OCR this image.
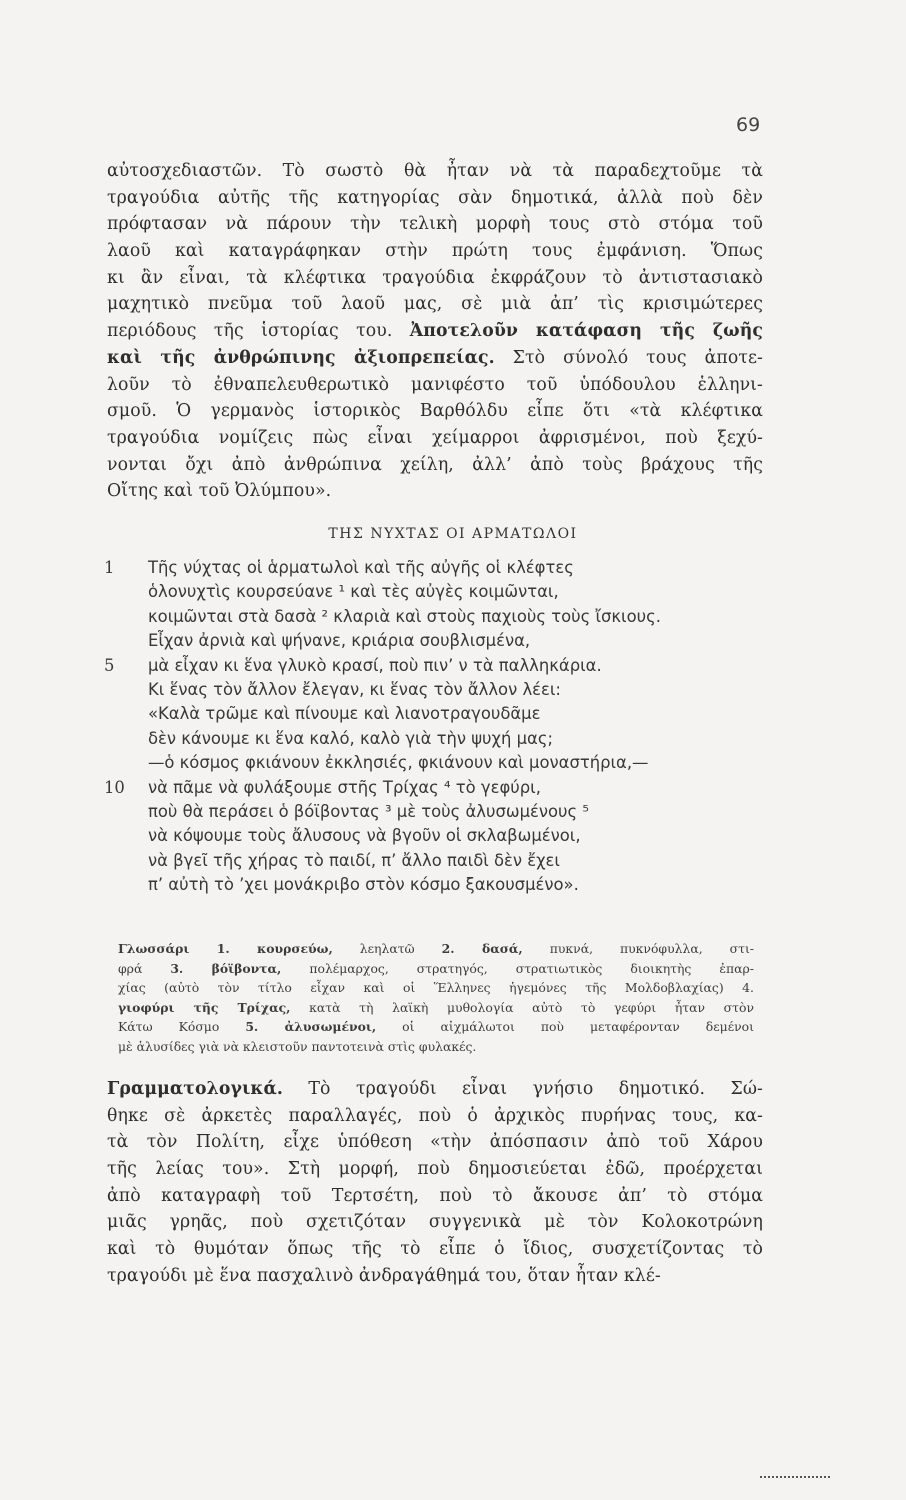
69
αὐτοσχεδιαστῶν. Τὸ σωστὸ θὰ ἦταν νὰ τὰ παραδεχτοῦμε τὰ
τραγούδια αὐτῆς τῆς κατηγορίας σὰν δημοτικά, ἀλλὰ ποὺ δὲν
πρόφτασαν νὰ πάρουν τὴν τελικὴ μορφὴ τους στὸ στόμα τοῦ
λαοῦ καὶ καταγράφηκαν στὴν πρώτη τους ἐμφάνιση. Ὅπως
κι ἂν εἶναι, τὰ κλέφτικα τραγούδια ἐκφράζουν τὸ ἀντιστασιακὸ
μαχητικὸ πνεῦμα τοῦ λαοῦ μας, σὲ μιὰ ἀπ’ τὶς κρισιμώτερες
περιόδους τῆς ἱστορίας του. Ἀποτελοῦν κατάφαση τῆς ζωῆς
καὶ τῆς ἀνθρώπινης ἀξιοπρεπείας. Στὸ σύνολό τους ἀποτε-
λοῦν τὸ ἐθναπελευθερωτικὸ μανιφέστο τοῦ ὑπόδουλου ἑλληνι-
σμοῦ. Ὁ γερμανὸς ἱστορικὸς Βαρθόλδυ εἶπε ὅτι «τὰ κλέφτικα
τραγούδια νομίζεις πὼς εἶναι χείμαρροι ἀφρισμένοι, ποὺ ξεχύ-
νονται ὄχι ἀπὸ ἀνθρώπινα χείλη, ἀλλ’ ἀπὸ τοὺς βράχους τῆς
Οἴτης καὶ τοῦ Ὀλύμπου».
ΤΗΣ ΝΥΧΤΑΣ ΟΙ ΑΡΜΑΤΩΛΟΙ
1	Τῆς νύχτας οἱ ἁρματωλοὶ καὶ τῆς αὐγῆς οἱ κλέφτες
ὁλονυχτὶς κουρσεύανε ¹ καὶ τὲς αὐγὲς κοιμῶνται,
κοιμῶνται στὰ δασὰ ² κλαριὰ καὶ στοὺς παχιοὺς τοὺς ἴσκιους.
Εἶχαν ἀρνιὰ καὶ ψήνανε, κριάρια σουβλισμένα,
5	μὰ εἶχαν κι ἕνα γλυκὸ κρασί, ποὺ πιν’ ν τὰ παλληκάρια.
Κι ἕνας τὸν ἄλλον ἔλεγαν, κι ἕνας τὸν ἄλλον λέει:
«Καλὰ τρῶμε καὶ πίνουμε καὶ λιανοτραγουδᾶμε
δὲν κάνουμε κι ἕνα καλό, καλὸ γιὰ τὴν ψυχή μας;
—ὁ κόσμος φκιάνουν ἐκκλησιές, φκιάνουν καὶ μοναστήρια,—
10 νὰ πᾶμε νὰ φυλάξουμε στῆς Τρίχας ⁴ τὸ γεφύρι,
ποὺ θὰ περάσει ὁ βόϊβοντας ³ μὲ τοὺς ἀλυσωμένους ⁵
νὰ κόψουμε τοὺς ἄλυσους νὰ βγοῦν οἱ σκλαβωμένοι,
νὰ βγεῖ τῆς χήρας τὸ παιδί, π’ ἄλλο παιδὶ δὲν ἔχει
π’ αὐτὴ τὸ ’χει μονάκριβο στὸν κόσμο ξακουσμένο».
Γλωσσάρι 1. κουρσεύω, λεηλατῶ 2. δασά, πυκνά, πυκνόφυλλα, στι-
φρά 3. βόϊβοντα, πολέμαρχος, στρατηγός, στρατιωτικὸς διοικητὴς ἐπαρ-
χίας (αὐτὸ τὸν τίτλο εἶχαν καὶ οἱ Ἕλληνες ἡγεμόνες τῆς Μολδοβλαχίας) 4.
γιοφύρι τῆς Τρίχας, κατὰ τὴ λαϊκὴ μυθολογία αὐτὸ τὸ γεφύρι ἦταν στὸν
Κάτω Κόσμο 5. ἀλυσωμένοι, οἱ αἰχμάλωτοι ποὺ μεταφέρονταν δεμένοι
μὲ ἁλυσίδες γιὰ νὰ κλειστοῦν παντοτεινὰ στὶς φυλακές.
Γραμματολογικά. Τὸ τραγούδι εἶναι γνήσιο δημοτικό. Σώ-
θηκε σὲ ἀρκετὲς παραλλαγές, ποὺ ὁ ἀρχικὸς πυρήνας τους, κα-
τὰ τὸν Πολίτη, εἶχε ὑπόθεση «τὴν ἀπόσπασιν ἀπὸ τοῦ Χάρου
τῆς λείας του». Στὴ μορφή, ποὺ δημοσιεύεται ἐδῶ, προέρχεται
ἀπὸ καταγραφὴ τοῦ Τερτσέτη, ποὺ τὸ ἄκουσε ἀπ’ τὸ στόμα
μιᾶς γρηᾶς, ποὺ σχετιζόταν συγγενικὰ μὲ τὸν Κολοκοτρώνη
καὶ τὸ θυμόταν ὅπως τῆς τὸ εἶπε ὁ ἴδιος, συσχετίζοντας τὸ
τραγούδι μὲ ἕνα πασχαλινὸ ἀνδραγάθημά του, ὅταν ἦταν κλέ-
